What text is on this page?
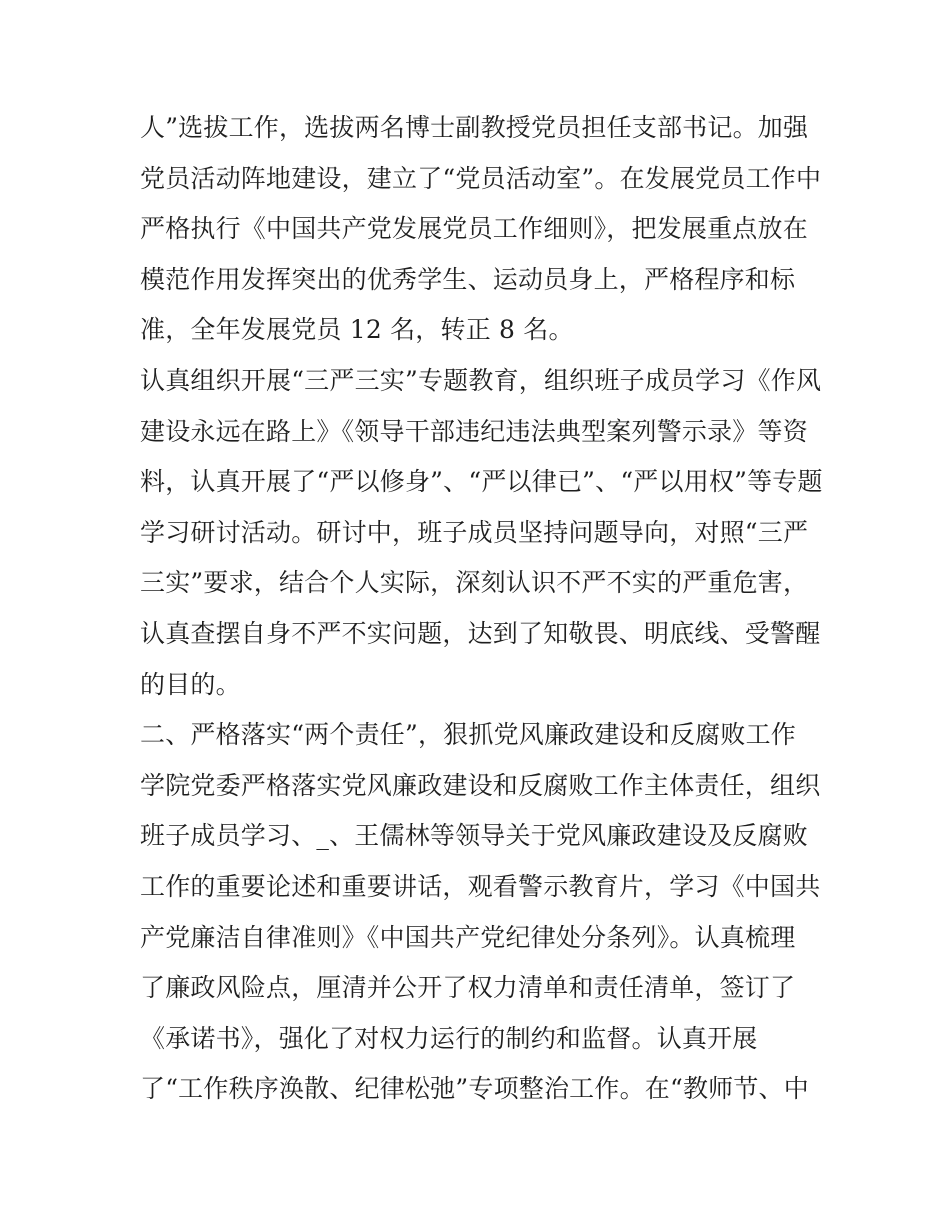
人”选拔工作，选拔两名博士副教授党员担任支部书记。加强
党员活动阵地建设，建立了“党员活动室”。在发展党员工作中
严格执行《中国共产党发展党员工作细则》，把发展重点放在
模范作用发挥突出的优秀学生、运动员身上，严格程序和标
准，全年发展党员 12 名，转正 8 名。
认真组织开展“三严三实”专题教育，组织班子成员学习《作风
建设永远在路上》《领导干部违纪违法典型案列警示录》等资
料，认真开展了“严以修身”、“严以律已”、“严以用权”等专题
学习研讨活动。研讨中，班子成员坚持问题导向，对照“三严
三实”要求，结合个人实际，深刻认识不严不实的严重危害，
认真查摆自身不严不实问题，达到了知敬畏、明底线、受警醒
的目的。
二、严格落实“两个责任”，狠抓党风廉政建设和反腐败工作
学院党委严格落实党风廉政建设和反腐败工作主体责任，组织
班子成员学习、_、王儒林等领导关于党风廉政建设及反腐败
工作的重要论述和重要讲话，观看警示教育片，学习《中国共
产党廉洁自律准则》《中国共产党纪律处分条列》。认真梳理
了廉政风险点，厘清并公开了权力清单和责任清单，签订了
《承诺书》，强化了对权力运行的制约和监督。认真开展
了“工作秩序涣散、纪律松弛”专项整治工作。在“教师节、中
